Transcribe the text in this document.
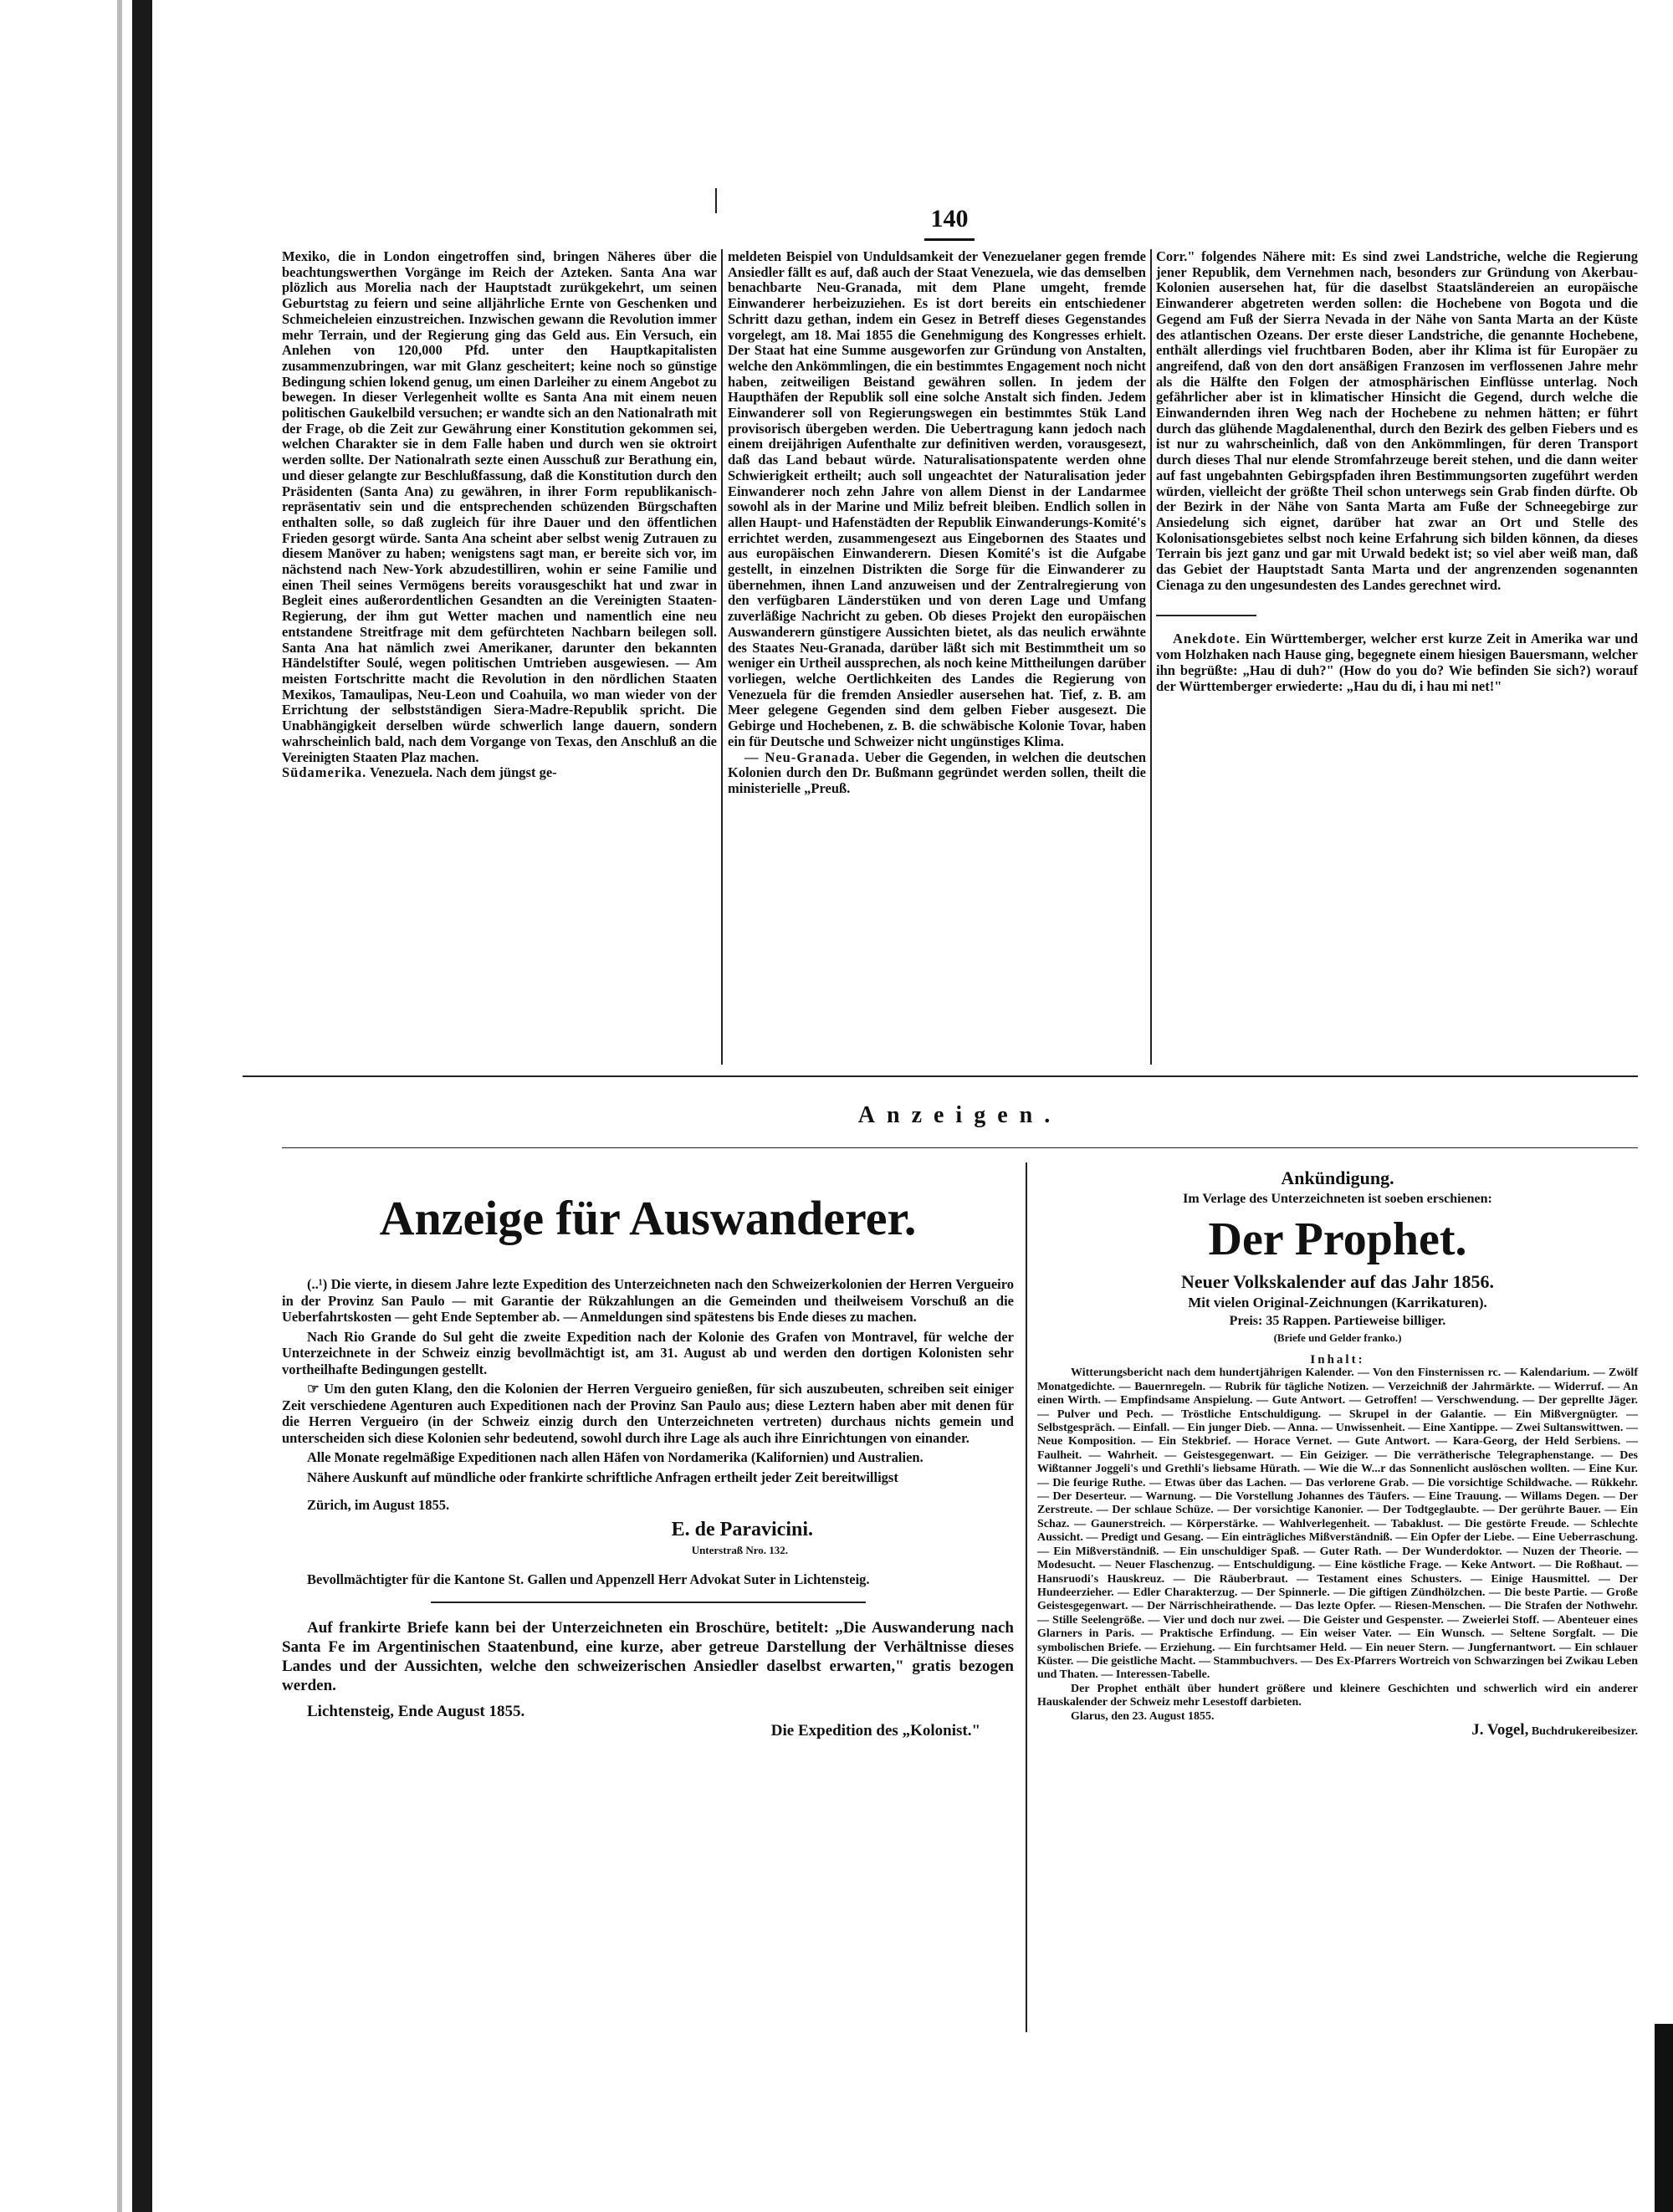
140

Mexiko, die in London eingetroffen sind, bringen Näheres über die beachtungswerthen Vorgänge im Reich der Azteken. Santa Ana war plözlich aus Morelia nach der Hauptstadt zurükgekehrt, um seinen Geburtstag zu feiern und seine alljährliche Ernte von Geschenken und Schmeicheleien einzustreichen. Inzwischen gewann die Revolution immer mehr Terrain, und der Regierung ging das Geld aus. Ein Versuch, ein Anlehen von 120,000 Pfd. unter den Hauptkapitalisten zusammenzubringen, war mit Glanz gescheitert; keine noch so günstige Bedingung schien lokend genug, um einen Darleiher zu einem Angebot zu bewegen. In dieser Verlegenheit wollte es Santa Ana mit einem neuen politischen Gaukelbild versuchen; er wandte sich an den Nationalrath mit der Frage, ob die Zeit zur Gewährung einer Konstitution gekommen sei, welchen Charakter sie in dem Falle haben und durch wen sie oktroirt werden sollte. Der Nationalrath sezte einen Ausschuß zur Berathung ein, und dieser gelangte zur Beschlußfassung, daß die Konstitution durch den Präsidenten (Santa Ana) zu gewähren, in ihrer Form republikanisch-repräsentativ sein und die entsprechenden schüzenden Bürgschaften enthalten solle, so daß zugleich für ihre Dauer und den öffentlichen Frieden gesorgt würde. Santa Ana scheint aber selbst wenig Zutrauen zu diesem Manöver zu haben; wenigstens sagt man, er bereite sich vor, im nächstend nach New-York abzudestilliren, wohin er seine Familie und einen Theil seines Vermögens bereits vorausgeschikt hat und zwar in Begleit eines außerordentlichen Gesandten an die Vereinigten Staaten-Regierung, der ihm gut Wetter machen und namentlich eine neu entstandene Streitfrage mit dem gefürchteten Nachbarn beilegen soll. Santa Ana hat nämlich zwei Amerikaner, darunter den bekannten Händelstifter Soulé, wegen politischen Umtrieben ausgewiesen. — Am meisten Fortschritte macht die Revolution in den nördlichen Staaten Mexikos, Tamaulipas, Neu-Leon und Coahuila, wo man wieder von der Errichtung der selbstständigen Siera-Madre-Republik spricht. Die Unabhängigkeit derselben würde schwerlich lange dauern, sondern wahrscheinlich bald, nach dem Vorgange von Texas, den Anschluß an die Vereinigten Staaten Plaz machen.

Südamerika. Venezuela. Nach dem jüngst ge-

meldeten Beispiel von Unduldsamkeit der Venezuelaner gegen fremde Ansiedler fällt es auf, daß auch der Staat Venezuela, wie das demselben benachbarte Neu-Granada, mit dem Plane umgeht, fremde Einwanderer herbeizuziehen. Es ist dort bereits ein entschiedener Schritt dazu gethan, indem ein Gesez in Betreff dieses Gegenstandes vorgelegt, am 18. Mai 1855 die Genehmigung des Kongresses erhielt. Der Staat hat eine Summe ausgeworfen zur Gründung von Anstalten, welche den Ankömmlingen, die ein bestimmtes Engagement noch nicht haben, zeitweiligen Beistand gewähren sollen. In jedem der Haupthäfen der Republik soll eine solche Anstalt sich finden. Jedem Einwanderer soll von Regierungswegen ein bestimmtes Stük Land provisorisch übergeben werden. Die Uebertragung kann jedoch nach einem dreijährigen Aufenthalte zur definitiven werden, vorausgesezt, daß das Land bebaut würde. Naturalisationspatente werden ohne Schwierigkeit ertheilt; auch soll ungeachtet der Naturalisation jeder Einwanderer noch zehn Jahre von allem Dienst in der Landarmee sowohl als in der Marine und Miliz befreit bleiben. Endlich sollen in allen Haupt- und Hafenstädten der Republik Einwanderungs-Komité's errichtet werden, zusammengesezt aus Eingebornen des Staates und aus europäischen Einwanderern. Diesen Komité's ist die Aufgabe gestellt, in einzelnen Distrikten die Sorge für die Einwanderer zu übernehmen, ihnen Land anzuweisen und der Zentralregierung von den verfügbaren Länderstüken und von deren Lage und Umfang zuverläßige Nachricht zu geben. Ob dieses Projekt den europäischen Auswanderern günstigere Aussichten bietet, als das neulich erwähnte des Staates Neu-Granada, darüber läßt sich mit Bestimmtheit um so weniger ein Urtheil aussprechen, als noch keine Mittheilungen darüber vorliegen, welche Oertlichkeiten des Landes die Regierung von Venezuela für die fremden Ansiedler ausersehen hat. Tief, z. B. am Meer gelegene Gegenden sind dem gelben Fieber ausgesezt. Die Gebirge und Hochebenen, z. B. die schwäbische Kolonie Tovar, haben ein für Deutsche und Schweizer nicht ungünstiges Klima.

— Neu-Granada. Ueber die Gegenden, in welchen die deutschen Kolonien durch den Dr. Bußmann gegründet werden sollen, theilt die ministerielle „Preuß.

Corr." folgendes Nähere mit: Es sind zwei Landstriche, welche die Regierung jener Republik, dem Vernehmen nach, besonders zur Gründung von Akerbau-Kolonien ausersehen hat, für die daselbst Staatsländereien an europäische Einwanderer abgetreten werden sollen: die Hochebene von Bogota und die Gegend am Fuß der Sierra Nevada in der Nähe von Santa Marta an der Küste des atlantischen Ozeans. Der erste dieser Landstriche, die genannte Hochebene, enthält allerdings viel fruchtbaren Boden, aber ihr Klima ist für Europäer zu angreifend, daß von den dort ansäßigen Franzosen im verflossenen Jahre mehr als die Hälfte den Folgen der atmosphärischen Einflüsse unterlag. Noch gefährlicher aber ist in klimatischer Hinsicht die Gegend, durch welche die Einwandernden ihren Weg nach der Hochebene zu nehmen hätten; er führt durch das glühende Magdalenenthal, durch den Bezirk des gelben Fiebers und es ist nur zu wahrscheinlich, daß von den Ankömmlingen, für deren Transport durch dieses Thal nur elende Stromfahrzeuge bereit stehen, und die dann weiter auf fast ungebahnten Gebirgspfaden ihren Bestimmungsorten zugeführt werden würden, vielleicht der größte Theil schon unterwegs sein Grab finden dürfte. Ob der Bezirk in der Nähe von Santa Marta am Fuße der Schneegebirge zur Ansiedelung sich eignet, darüber hat zwar an Ort und Stelle des Kolonisationsgebietes selbst noch keine Erfahrung sich bilden können, da dieses Terrain bis jezt ganz und gar mit Urwald bedekt ist; so viel aber weiß man, daß das Gebiet der Hauptstadt Santa Marta und der angrenzenden sogenannten Cienaga zu den ungesundesten des Landes gerechnet wird.

Anekdote. Ein Württemberger, welcher erst kurze Zeit in Amerika war und vom Holzhaken nach Hause ging, begegnete einem hiesigen Bauersmann, welcher ihn begrüßte: „Hau di duh?" (How do you do? Wie befinden Sie sich?) worauf der Württemberger erwiederte: „Hau du di, i hau mi net!"

Anzeigen.
Anzeige für Auswanderer.

(..¹) Die vierte, in diesem Jahre lezte Expedition des Unterzeichneten nach den Schweizerkolonien der Herren Vergueiro in der Provinz San Paulo — mit Garantie der Rükzahlungen an die Gemeinden und theilweisem Vorschuß an die Ueberfahrtskosten — geht Ende September ab. — Anmeldungen sind spätestens bis Ende dieses zu machen.

Nach Rio Grande do Sul geht die zweite Expedition nach der Kolonie des Grafen von Montravel, für welche der Unterzeichnete in der Schweiz einzig bevollmächtigt ist, am 31. August ab und werden den dortigen Kolonisten sehr vortheilhafte Bedingungen gestellt.

☞ Um den guten Klang, den die Kolonien der Herren Vergueiro genießen, für sich auszubeuten, schreiben seit einiger Zeit verschiedene Agenturen auch Expeditionen nach der Provinz San Paulo aus; diese Leztern haben aber mit denen für die Herren Vergueiro (in der Schweiz einzig durch den Unterzeichneten vertreten) durchaus nichts gemein und unterscheiden sich diese Kolonien sehr bedeutend, sowohl durch ihre Lage als auch ihre Einrichtungen von einander.

Alle Monate regelmäßige Expeditionen nach allen Häfen von Nordamerika (Kalifornien) und Australien.

Nähere Auskunft auf mündliche oder frankirte schriftliche Anfragen ertheilt jeder Zeit bereitwilligst

Zürich, im August 1855.

E. de Paravicini.
Unterstraß Nro. 132.

Bevollmächtigter für die Kantone St. Gallen und Appenzell Herr Advokat Suter in Lichtensteig.

Auf frankirte Briefe kann bei der Unterzeichneten ein Broschüre, betitelt: „Die Auswanderung nach Santa Fe im Argentinischen Staatenbund, eine kurze, aber getreue Darstellung der Verhältnisse dieses Landes und der Aussichten, welche den schweizerischen Ansiedler daselbst erwarten," gratis bezogen werden.

Lichtensteig, Ende August 1855.

Die Expedition des „Kolonist."
Ankündigung.
Im Verlage des Unterzeichneten ist soeben erschienen:
Der Prophet.
Neuer Volkskalender auf das Jahr 1856.
Mit vielen Original-Zeichnungen (Karrikaturen).
Preis: 35 Rappen. Partieweise billiger.
(Briefe und Gelder franko.)
Inhalt:
Witterungsbericht nach dem hundertjährigen Kalender. — Von den Finsternissen rc. — Kalendarium. — Zwölf Monatgedichte. — Bauernregeln. — Rubrik für tägliche Notizen. — Verzeichniß der Jahrmärkte. — Widerruf. — An einen Wirth. — Empfindsame Anspielung. — Gute Antwort. — Getroffen! — Verschwendung. — Der geprellte Jäger. — Pulver und Pech. — Tröstliche Entschuldigung. — Skrupel in der Galantie. — Ein Mißvergnügter. — Selbstgespräch. — Einfall. — Ein junger Dieb. — Anna. — Unwissenheit. — Eine Xantippe. — Zwei Sultanswittwen. — Neue Komposition. — Ein Stekbrief. — Horace Vernet. — Gute Antwort. — Kara-Georg, der Held Serbiens. — Faulheit. — Wahrheit. — Geistesgegenwart. — Ein Geiziger. — Die verrätherische Telegraphenstange. — Des Wißtanner Joggeli's und Grethli's liebsame Hürath. — Wie die W...r das Sonnenlicht auslöschen wollten. — Eine Kur. — Die feurige Ruthe. — Etwas über das Lachen. — Das verlorene Grab. — Die vorsichtige Schildwache. — Rükkehr. — Der Deserteur. — Warnung. — Die Vorstellung Johannes des Täufers. — Eine Trauung. — Willams Degen. — Der Zerstreute. — Der schlaue Schüze. — Der vorsichtige Kanonier. — Der Todtgeglaubte. — Der gerührte Bauer. — Ein Schaz. — Gaunerstreich. — Körperstärke. — Wahlverlegenheit. — Tabaklust. — Die gestörte Freude. — Schlechte Aussicht. — Predigt und Gesang. — Ein einträgliches Mißverständniß. — Ein Opfer der Liebe. — Eine Ueberraschung. — Ein Mißverständniß. — Ein unschuldiger Spaß. — Guter Rath. — Der Wunderdoktor. — Nuzen der Theorie. — Modesucht. — Neuer Flaschenzug. — Entschuldigung. — Eine köstliche Frage. — Keke Antwort. — Die Roßhaut. — Hansruodi's Hauskreuz. — Die Räuberbraut. — Testament eines Schusters. — Einige Hausmittel. — Der Hundeerzieher. — Edler Charakterzug. — Der Spinnerle. — Die giftigen Zündhölzchen. — Die beste Partie. — Große Geistesgegenwart. — Der Närrischheirathende. — Das lezte Opfer. — Riesen-Menschen. — Die Strafen der Nothwehr. — Stille Seelengröße. — Vier und doch nur zwei. — Die Geister und Gespenster. — Zweierlei Stoff. — Abenteuer eines Glarners in Paris. — Praktische Erfindung. — Ein weiser Vater. — Ein Wunsch. — Seltene Sorgfalt. — Die symbolischen Briefe. — Erziehung. — Ein furchtsamer Held. — Ein neuer Stern. — Jungfernantwort. — Ein schlauer Küster. — Die geistliche Macht. — Stammbuchvers. — Des Ex-Pfarrers Wortreich von Schwarzingen bei Zwikau Leben und Thaten. — Interessen-Tabelle.
Der Prophet enthält über hundert größere und kleinere Geschichten und schwerlich wird ein anderer Hauskalender der Schweiz mehr Lesestoff darbieten.
Glarus, den 23. August 1855.
J. Vogel, Buchdrukereibesizer.
